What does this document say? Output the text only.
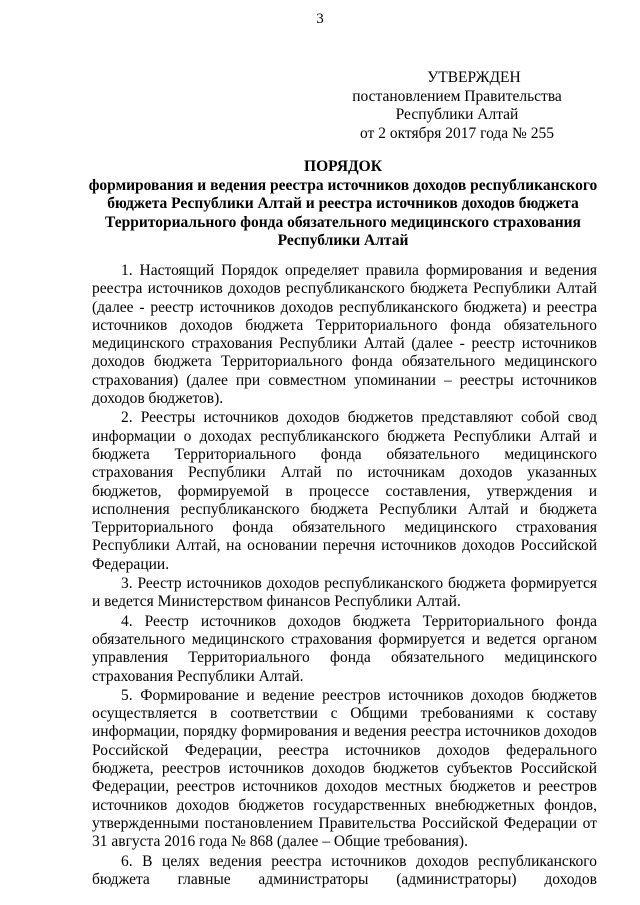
3
УТВЕРЖДЕН
постановлением Правительства
Республики Алтай
от 2 октября 2017 года № 255
ПОРЯДОК
формирования и ведения реестра источников доходов республиканского бюджета Республики Алтай и реестра источников доходов бюджета Территориального фонда обязательного медицинского страхования Республики Алтай

1. Настоящий Порядок определяет правила формирования и ведения реестра источников доходов республиканского бюджета Республики Алтай (далее - реестр источников доходов республиканского бюджета) и реестра источников доходов бюджета Территориального фонда обязательного медицинского страхования Республики Алтай (далее - реестр источников доходов бюджета Территориального фонда обязательного медицинского страхования) (далее при совместном упоминании – реестры источников доходов бюджетов).

2. Реестры источников доходов бюджетов представляют собой свод информации о доходах республиканского бюджета Республики Алтай и бюджета Территориального фонда обязательного медицинского страхования Республики Алтай по источникам доходов указанных бюджетов, формируемой в процессе составления, утверждения и исполнения республиканского бюджета Республики Алтай и бюджета Территориального фонда обязательного медицинского страхования Республики Алтай, на основании перечня источников доходов Российской Федерации.

3. Реестр источников доходов республиканского бюджета формируется и ведется Министерством финансов Республики Алтай.

4. Реестр источников доходов бюджета Территориального фонда обязательного медицинского страхования формируется и ведется органом управления Территориального фонда обязательного медицинского страхования Республики Алтай.

5. Формирование и ведение реестров источников доходов бюджетов осуществляется в соответствии с Общими требованиями к составу информации, порядку формирования и ведения реестра источников доходов Российской Федерации, реестра источников доходов федерального бюджета, реестров источников доходов бюджетов субъектов Российской Федерации, реестров источников доходов местных бюджетов и реестров источников доходов бюджетов государственных внебюджетных фондов, утвержденными постановлением Правительства Российской Федерации от 31 августа 2016 года № 868 (далее – Общие требования).

6. В целях ведения реестра источников доходов республиканского бюджета главные администраторы (администраторы) доходов
